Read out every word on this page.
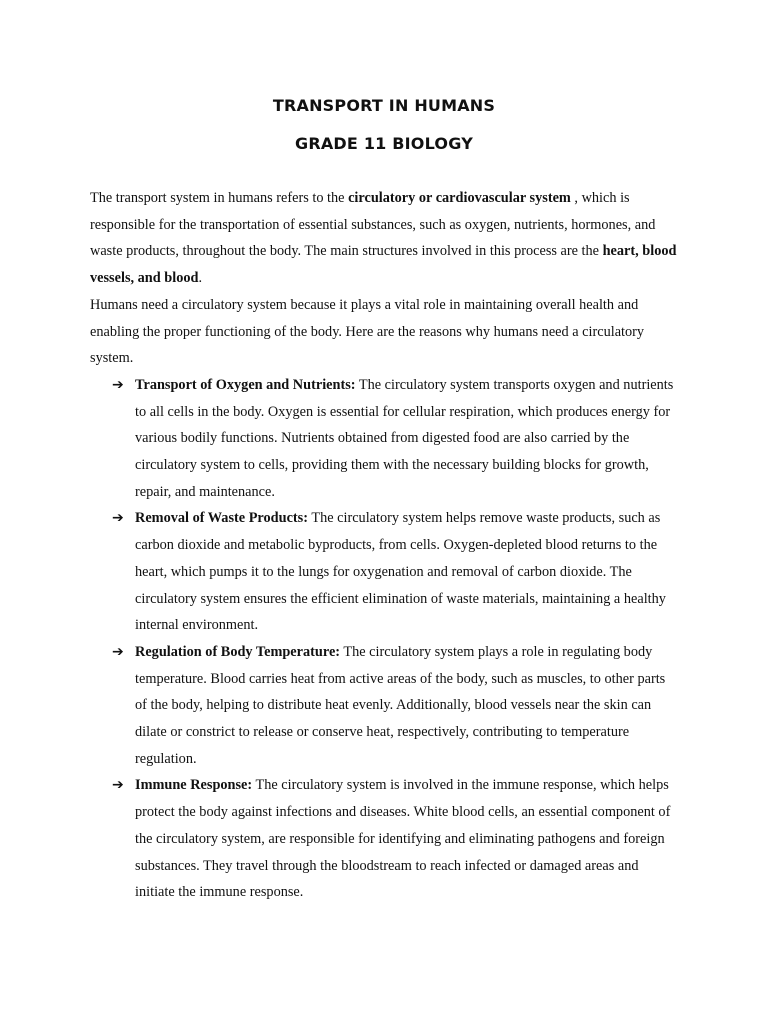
TRANSPORT IN HUMANS
GRADE 11 BIOLOGY

The transport system in humans refers to the circulatory or cardiovascular system , which is responsible for the transportation of essential substances, such as oxygen, nutrients, hormones, and waste products, throughout the body. The main structures involved in this process are the heart, blood vessels, and blood.

Humans need a circulatory system because it plays a vital role in maintaining overall health and enabling the proper functioning of the body. Here are the reasons why humans need a circulatory system.

➔ Transport of Oxygen and Nutrients: The circulatory system transports oxygen and nutrients to all cells in the body. Oxygen is essential for cellular respiration, which produces energy for various bodily functions. Nutrients obtained from digested food are also carried by the circulatory system to cells, providing them with the necessary building blocks for growth, repair, and maintenance.
➔ Removal of Waste Products: The circulatory system helps remove waste products, such as carbon dioxide and metabolic byproducts, from cells. Oxygen-depleted blood returns to the heart, which pumps it to the lungs for oxygenation and removal of carbon dioxide. The circulatory system ensures the efficient elimination of waste materials, maintaining a healthy internal environment.
➔ Regulation of Body Temperature: The circulatory system plays a role in regulating body temperature. Blood carries heat from active areas of the body, such as muscles, to other parts of the body, helping to distribute heat evenly. Additionally, blood vessels near the skin can dilate or constrict to release or conserve heat, respectively, contributing to temperature regulation.
➔ Immune Response: The circulatory system is involved in the immune response, which helps protect the body against infections and diseases. White blood cells, an essential component of the circulatory system, are responsible for identifying and eliminating pathogens and foreign substances. They travel through the bloodstream to reach infected or damaged areas and initiate the immune response.
